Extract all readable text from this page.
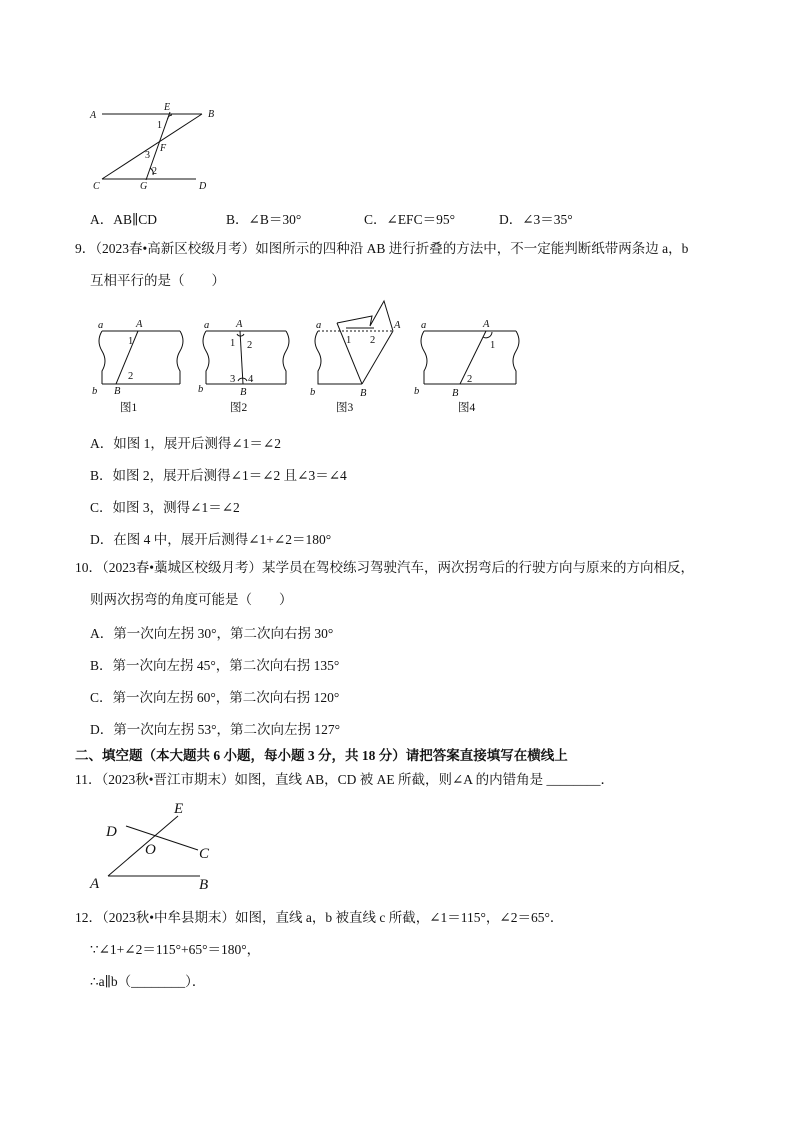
A
E
B
1
F
3
2
C	G	D
A．AB∥CD	B．∠B＝30°	C．∠EFC＝95°	D．∠3＝35°
9．（2023春•高新区校级月考）如图所示的四种沿 AB 进行折叠的方法中，不一定能判断纸带两条边 a，b
互相平行的是（　　）
a	A
1
2
b B
a	A
1 2
3 4
b	B
a
1 2
A
b	B
a	A
1
2
b	B
图1	图2	图3	图4
A．如图 1，展开后测得∠1＝∠2
B．如图 2，展开后测得∠1＝∠2 且∠3＝∠4
C．如图 3，测得∠1＝∠2
D．在图 4 中，展开后测得∠1+∠2＝180°
10．（2023春•藁城区校级月考）某学员在驾校练习驾驶汽车，两次拐弯后的行驶方向与原来的方向相反，
则两次拐弯的角度可能是（　　）
A．第一次向左拐 30°，第二次向右拐 30°
B．第一次向左拐 45°，第二次向右拐 135°
C．第一次向左拐 60°，第二次向右拐 120°
D．第一次向左拐 53°，第二次向左拐 127°
二、填空题（本大题共 6 小题，每小题 3 分，共 18 分）请把答案直接填写在横线上
11．（2023秋•晋江市期末）如图，直线 AB，CD 被 AE 所截，则∠A 的内错角是 ________．
E
D
O	C
A	B
12．（2023秋•中牟县期末）如图，直线 a，b 被直线 c 所截，∠1＝115°，∠2＝65°．
∵∠1+∠2＝115°+65°＝180°，
∴a∥b（________）．
